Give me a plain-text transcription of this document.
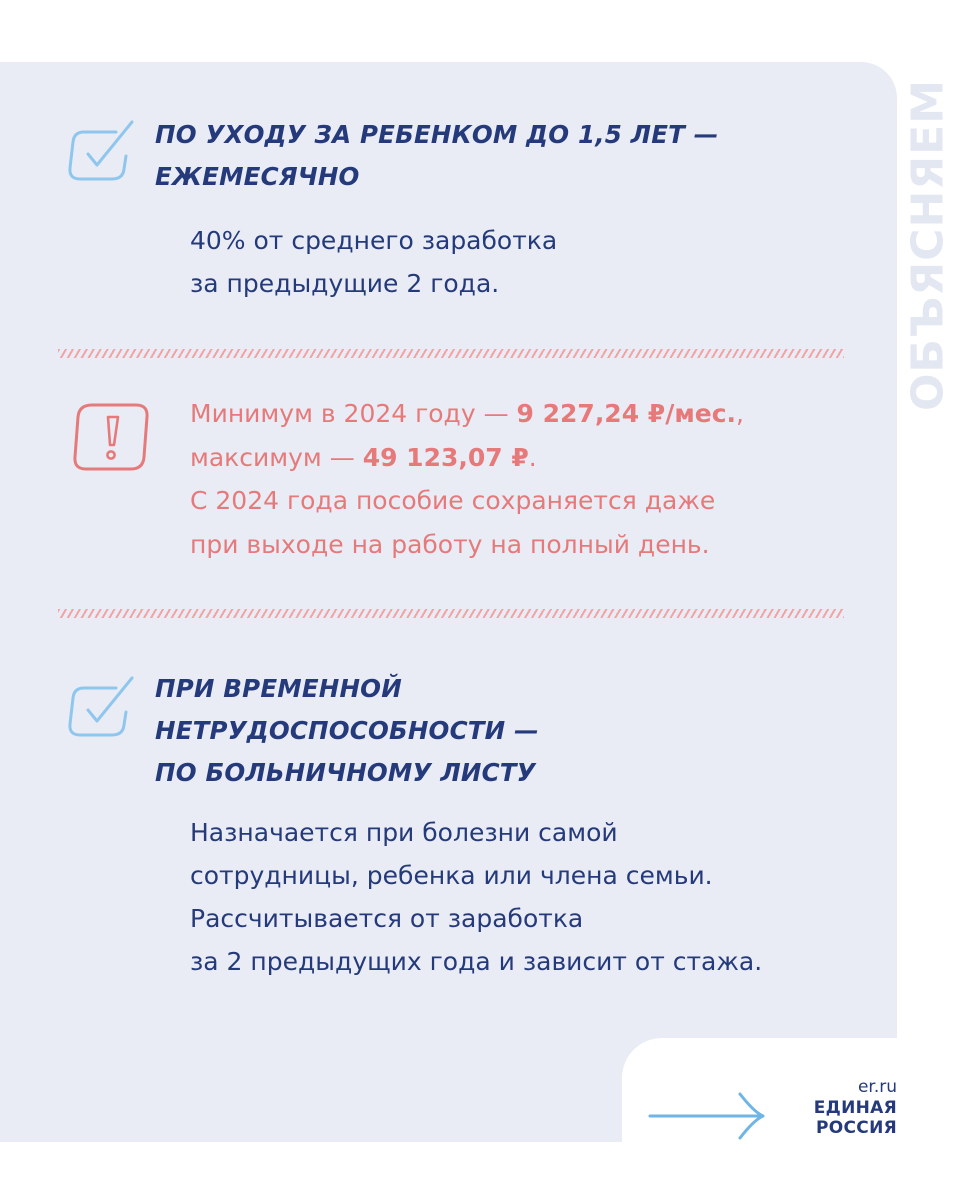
ОБЪЯСНЯЕМ
ПО УХОДУ ЗА РЕБЕНКОМ ДО 1,5 ЛЕТ —
ЕЖЕМЕСЯЧНО
40% от среднего заработка
за предыдущие 2 года.
Минимум в 2024 году — 9 227,24 ₽/мес.,
максимум — 49 123,07 ₽.
С 2024 года пособие сохраняется даже
при выходе на работу на полный день.
ПРИ ВРЕМЕННОЙ
НЕТРУДОСПОСОБНОСТИ —
ПО БОЛЬНИЧНОМУ ЛИСТУ
Назначается при болезни самой
сотрудницы, ребенка или члена семьи.
Рассчитывается от заработка
за 2 предыдущих года и зависит от стажа.
er.ru
ЕДИНАЯ
РОССИЯ
